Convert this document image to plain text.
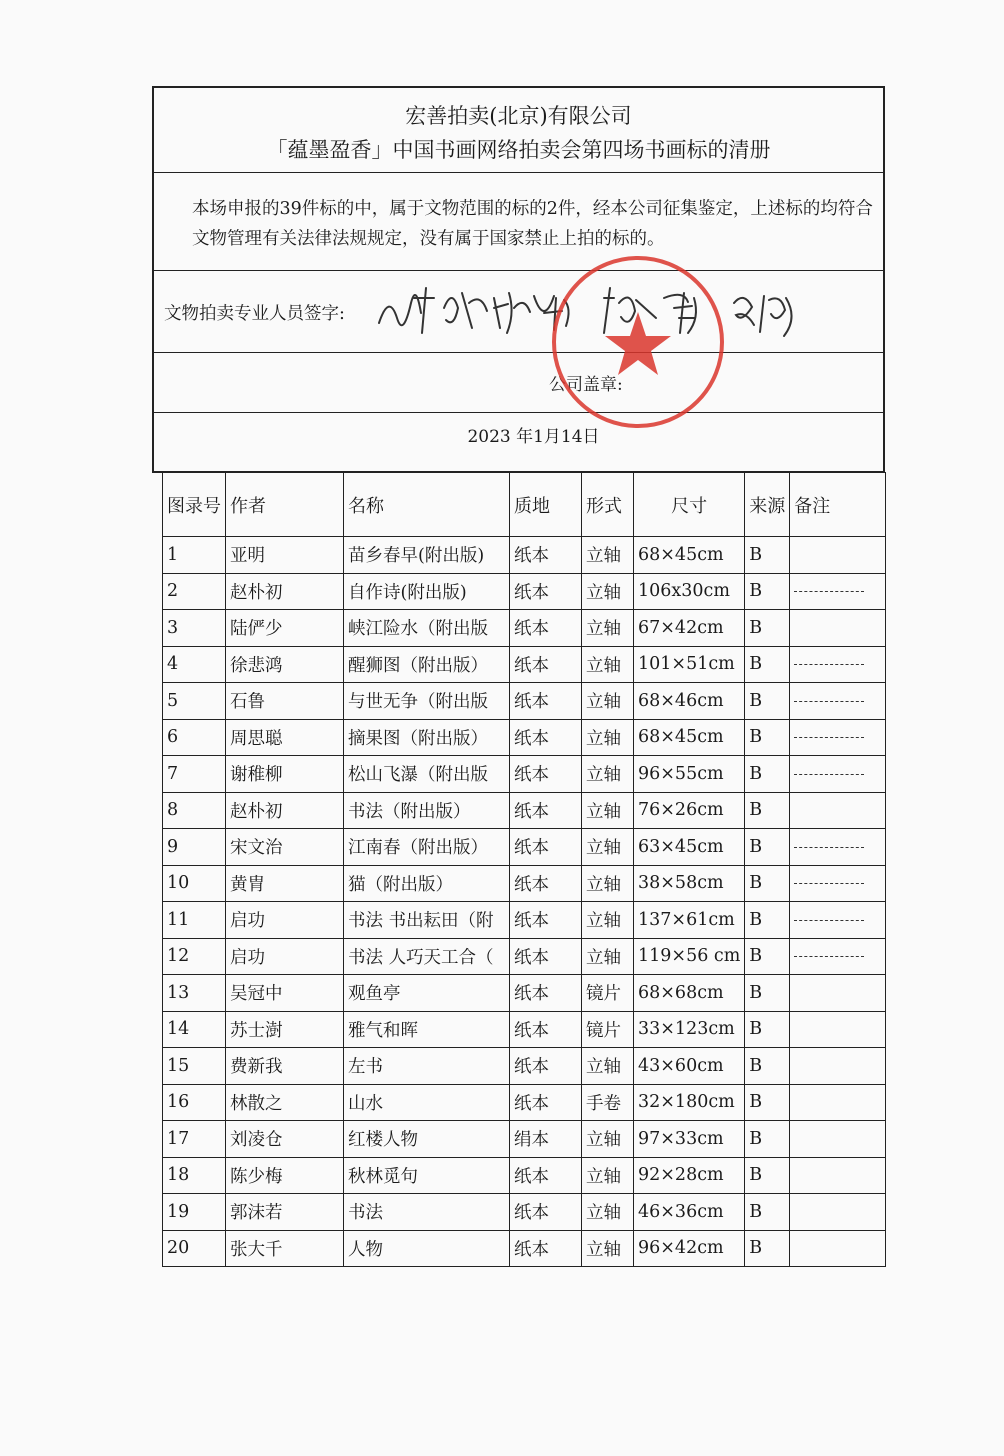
宏善拍卖(北京)有限公司
「蕴墨盈香」中国书画网络拍卖会第四场书画标的清册

本场申报的39件标的中，属于文物范围的标的2件，经本公司征集鉴定，上述标的均符合文物管理有关法律法规规定，没有属于国家禁止上拍的标的。

文物拍卖专业人员签字:
公司盖章:
2023 年1月14日
图录号	作者	名称	质地	形式	尺寸	来源	备注
1	亚明	苗乡春早(附出版)	纸本	立轴	68×45cm	B	
2	赵朴初	自作诗(附出版)	纸本	立轴	106x30cm	B	
3	陆俨少	峡江险水（附出版	纸本	立轴	67×42cm	B	
4	徐悲鸿	醒狮图（附出版）	纸本	立轴	101×51cm	B	
5	石鲁	与世无争（附出版	纸本	立轴	68×46cm	B	
6	周思聪	摘果图（附出版）	纸本	立轴	68×45cm	B	
7	谢稚柳	松山飞瀑（附出版	纸本	立轴	96×55cm	B	
8	赵朴初	书法（附出版）	纸本	立轴	76×26cm	B	
9	宋文治	江南春（附出版）	纸本	立轴	63×45cm	B	
10	黄胄	猫（附出版）	纸本	立轴	38×58cm	B	
11	启功	书法 书出耘田（附	纸本	立轴	137×61cm	B	
12	启功	书法 人巧天工合（	纸本	立轴	119×56 cm	B	
13	吴冠中	观鱼亭	纸本	镜片	68×68cm	B	
14	苏士澍	雅气和晖	纸本	镜片	33×123cm	B	
15	费新我	左书	纸本	立轴	43×60cm	B	
16	林散之	山水	纸本	手卷	32×180cm	B	
17	刘凌仓	红楼人物	绢本	立轴	97×33cm	B	
18	陈少梅	秋林觅句	纸本	立轴	92×28cm	B	
19	郭沫若	书法	纸本	立轴	46×36cm	B	
20	张大千	人物	纸本	立轴	96×42cm	B	
